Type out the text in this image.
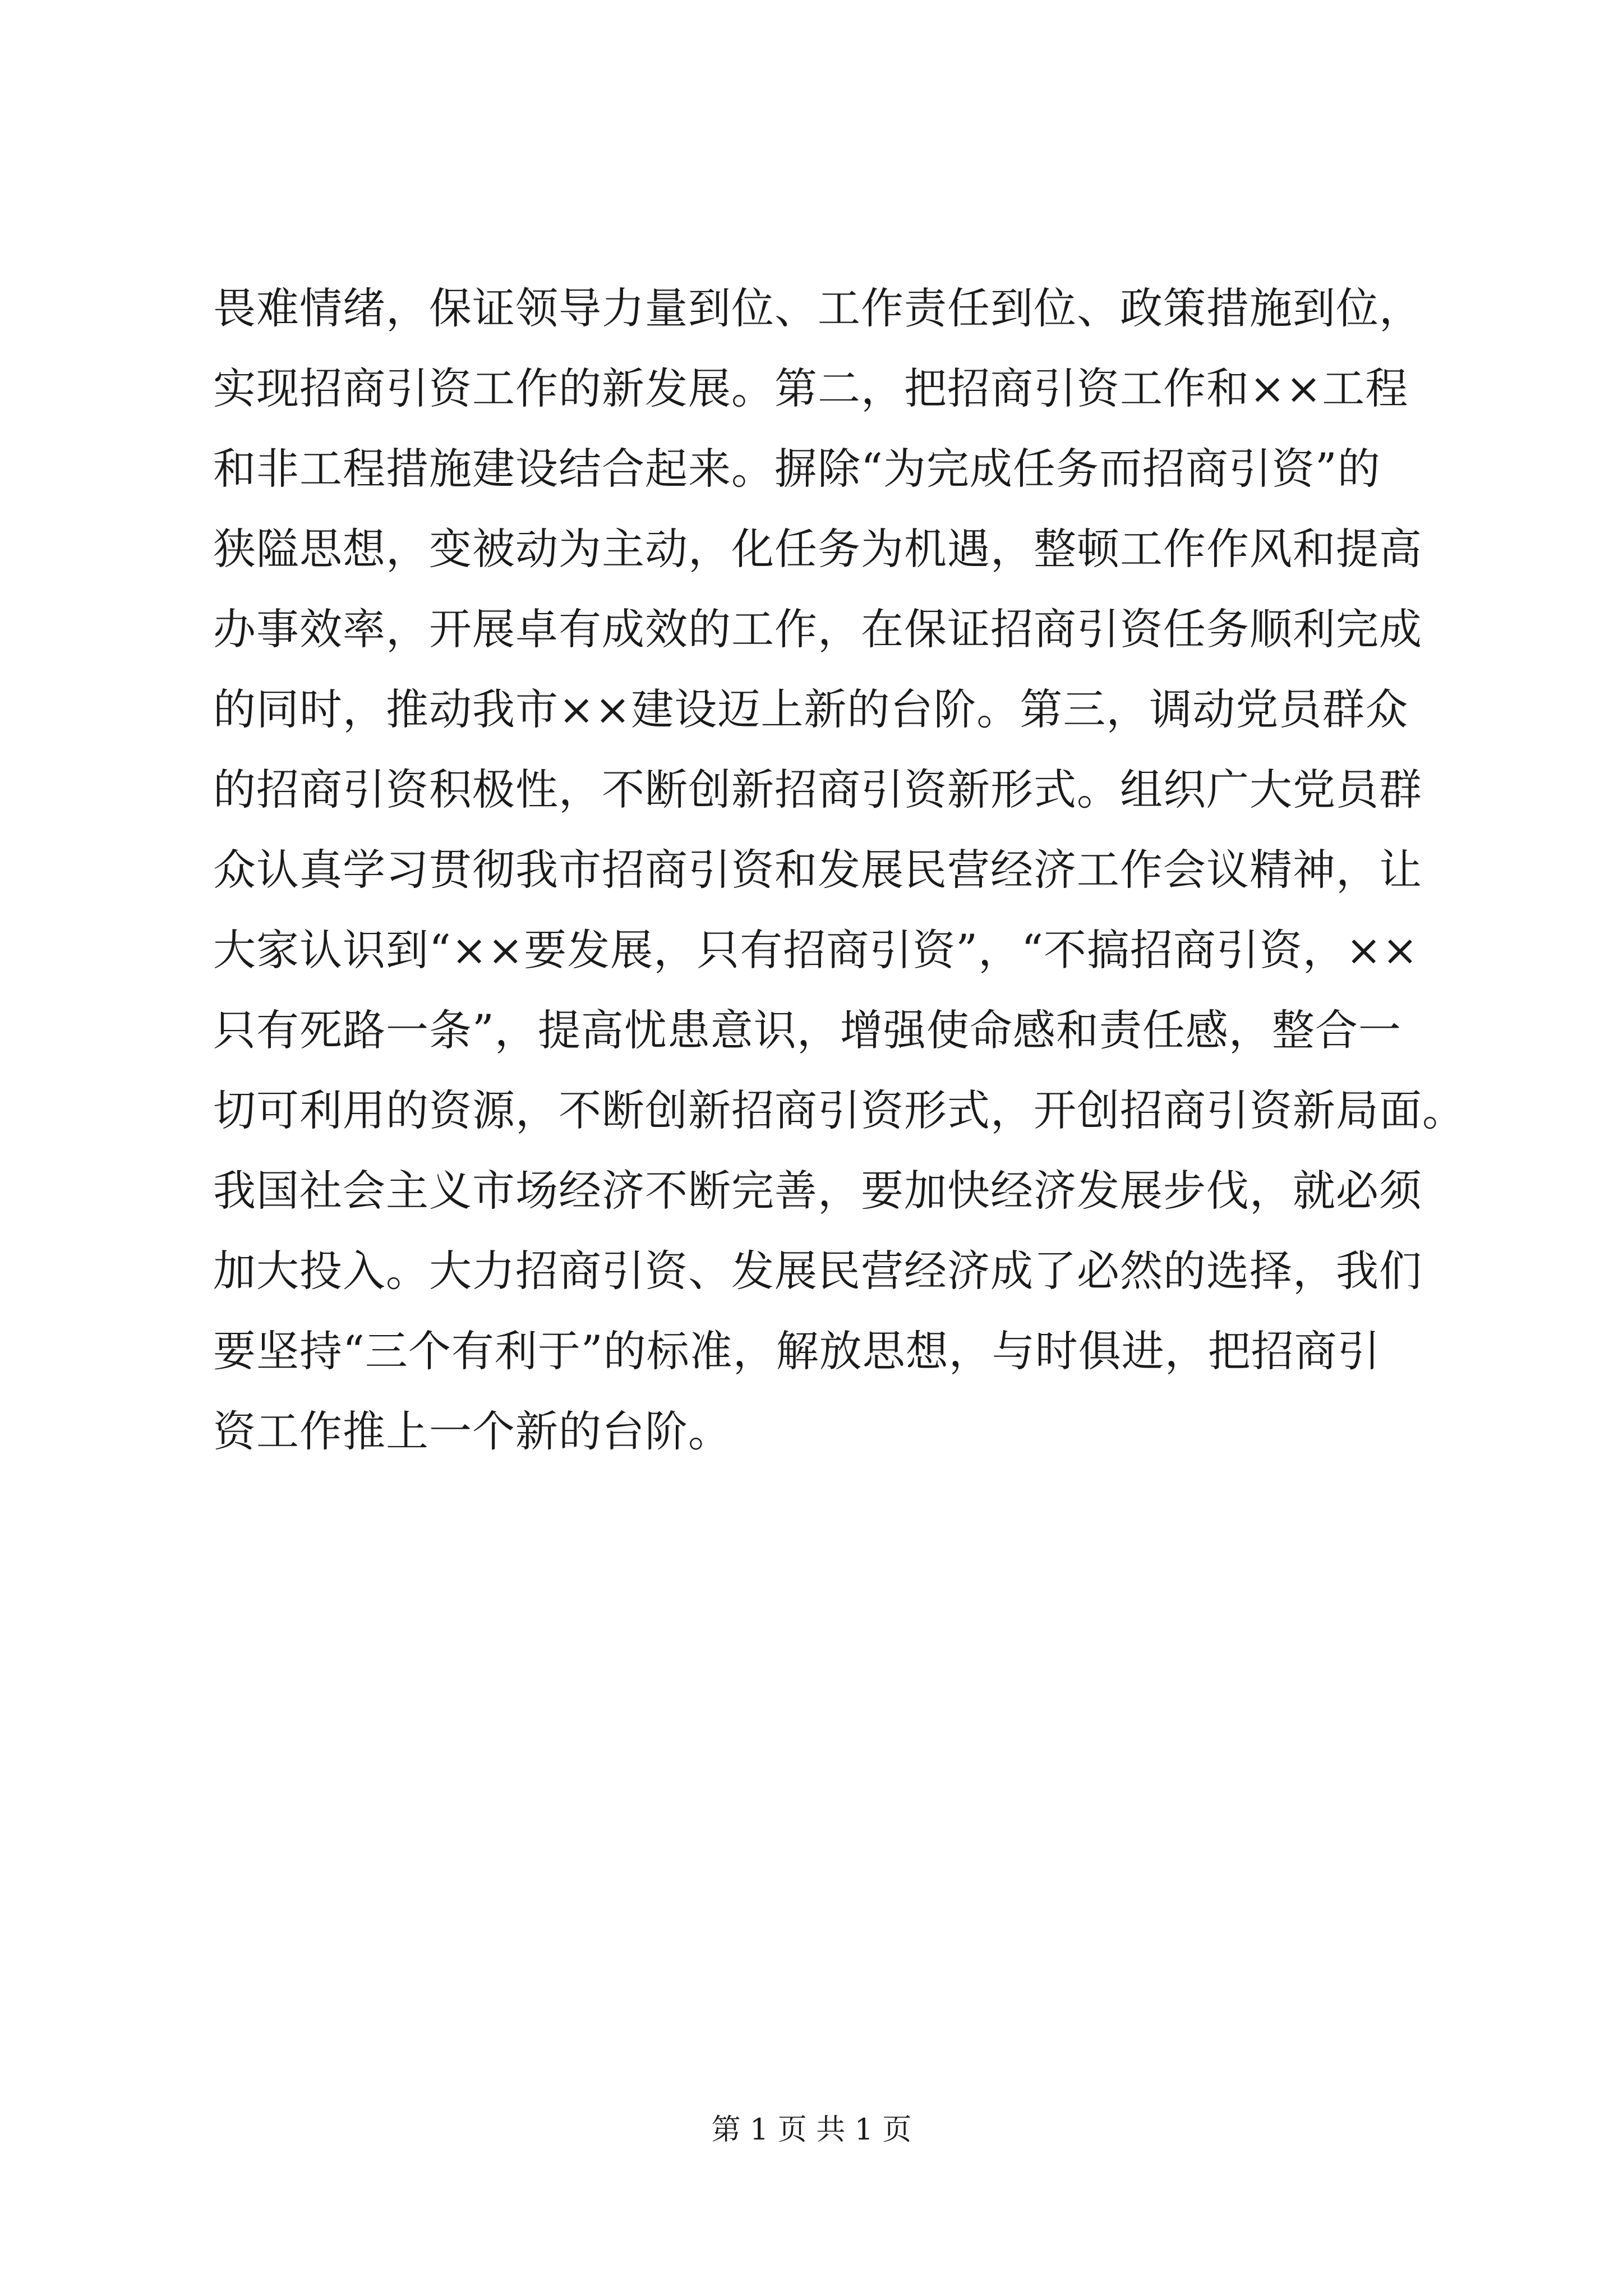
畏难情绪，保证领导力量到位、工作责任到位、政策措施到位，
实现招商引资工作的新发展。第二，把招商引资工作和××工程
和非工程措施建设结合起来。摒除“为完成任务而招商引资”的
狭隘思想，变被动为主动，化任务为机遇，整顿工作作风和提高
办事效率，开展卓有成效的工作，在保证招商引资任务顺利完成
的同时，推动我市××建设迈上新的台阶。第三，调动党员群众
的招商引资积极性，不断创新招商引资新形式。组织广大党员群
众认真学习贯彻我市招商引资和发展民营经济工作会议精神，让
大家认识到“××要发展，只有招商引资”，“不搞招商引资，××
只有死路一条”，提高忧患意识，增强使命感和责任感，整合一
切可利用的资源，不断创新招商引资形式，开创招商引资新局面。
我国社会主义市场经济不断完善，要加快经济发展步伐，就必须
加大投入。大力招商引资、发展民营经济成了必然的选择，我们
要坚持“三个有利于”的标准，解放思想，与时俱进，把招商引
资工作推上一个新的台阶。
第 1 页 共 1 页
